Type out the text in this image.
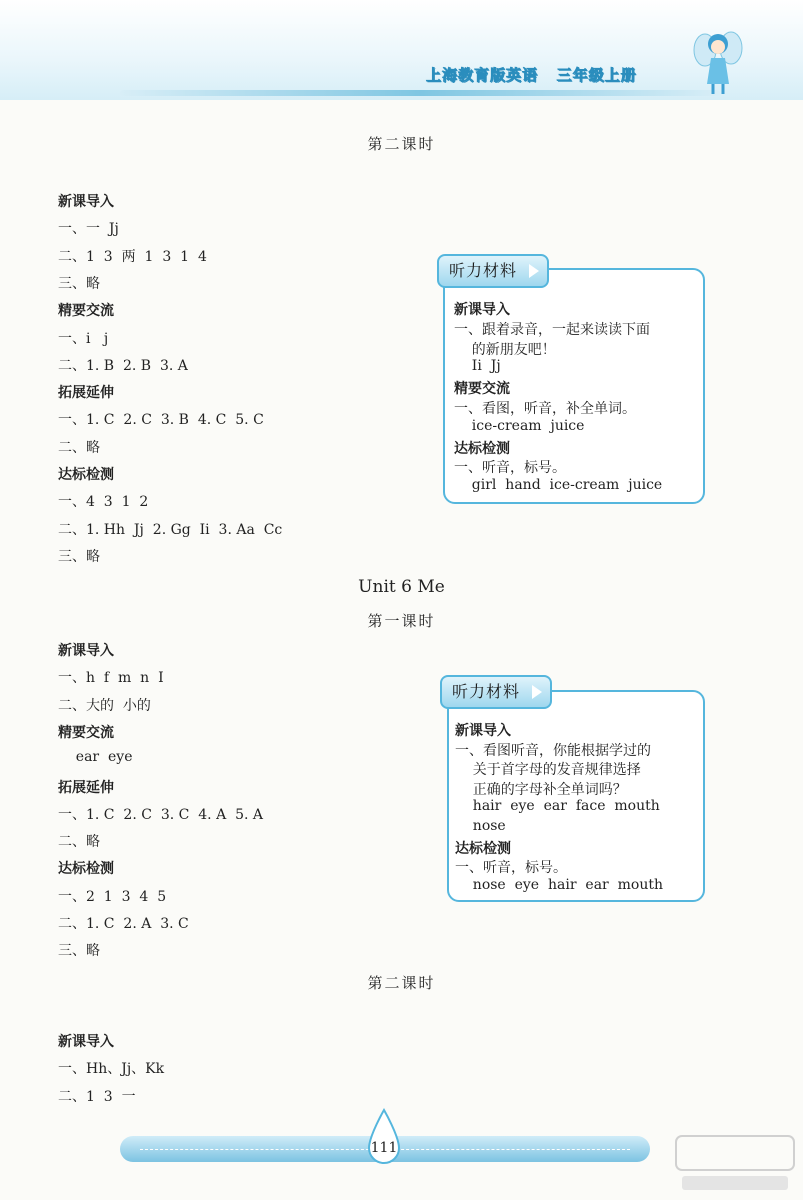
上海教育版英语   三年级上册
第二课时
新课导入
一、一  Jj
二、1  3  两  1  3  1  4
三、略
精要交流
一、i   j
二、1. B  2. B  3. A
拓展延伸
一、1. C  2. C  3. B  4. C  5. C
二、略
达标检测
一、4  3  1  2
二、1. Hh  Jj  2. Gg  Ii  3. Aa  Cc
三、略
听力材料
新课导入
一、跟着录音，一起来读读下面
的新朋友吧！
Ii  Jj
精要交流
一、看图，听音，补全单词。
ice-cream  juice
达标检测
一、听音，标号。
girl  hand  ice-cream  juice
Unit 6 Me
第一课时
新课导入
一、h  f  m  n  I
二、大的  小的
精要交流
ear  eye
拓展延伸
一、1. C  2. C  3. C  4. A  5. A
二、略
达标检测
一、2  1  3  4  5
二、1. C  2. A  3. C
三、略
听力材料
新课导入
一、看图听音，你能根据学过的
关于首字母的发音规律选择
正确的字母补全单词吗？
hair  eye  ear  face  mouth
nose
达标检测
一、听音，标号。
nose  eye  hair  ear  mouth
第二课时
新课导入
一、Hh、Jj、Kk
二、1  3  一
111
